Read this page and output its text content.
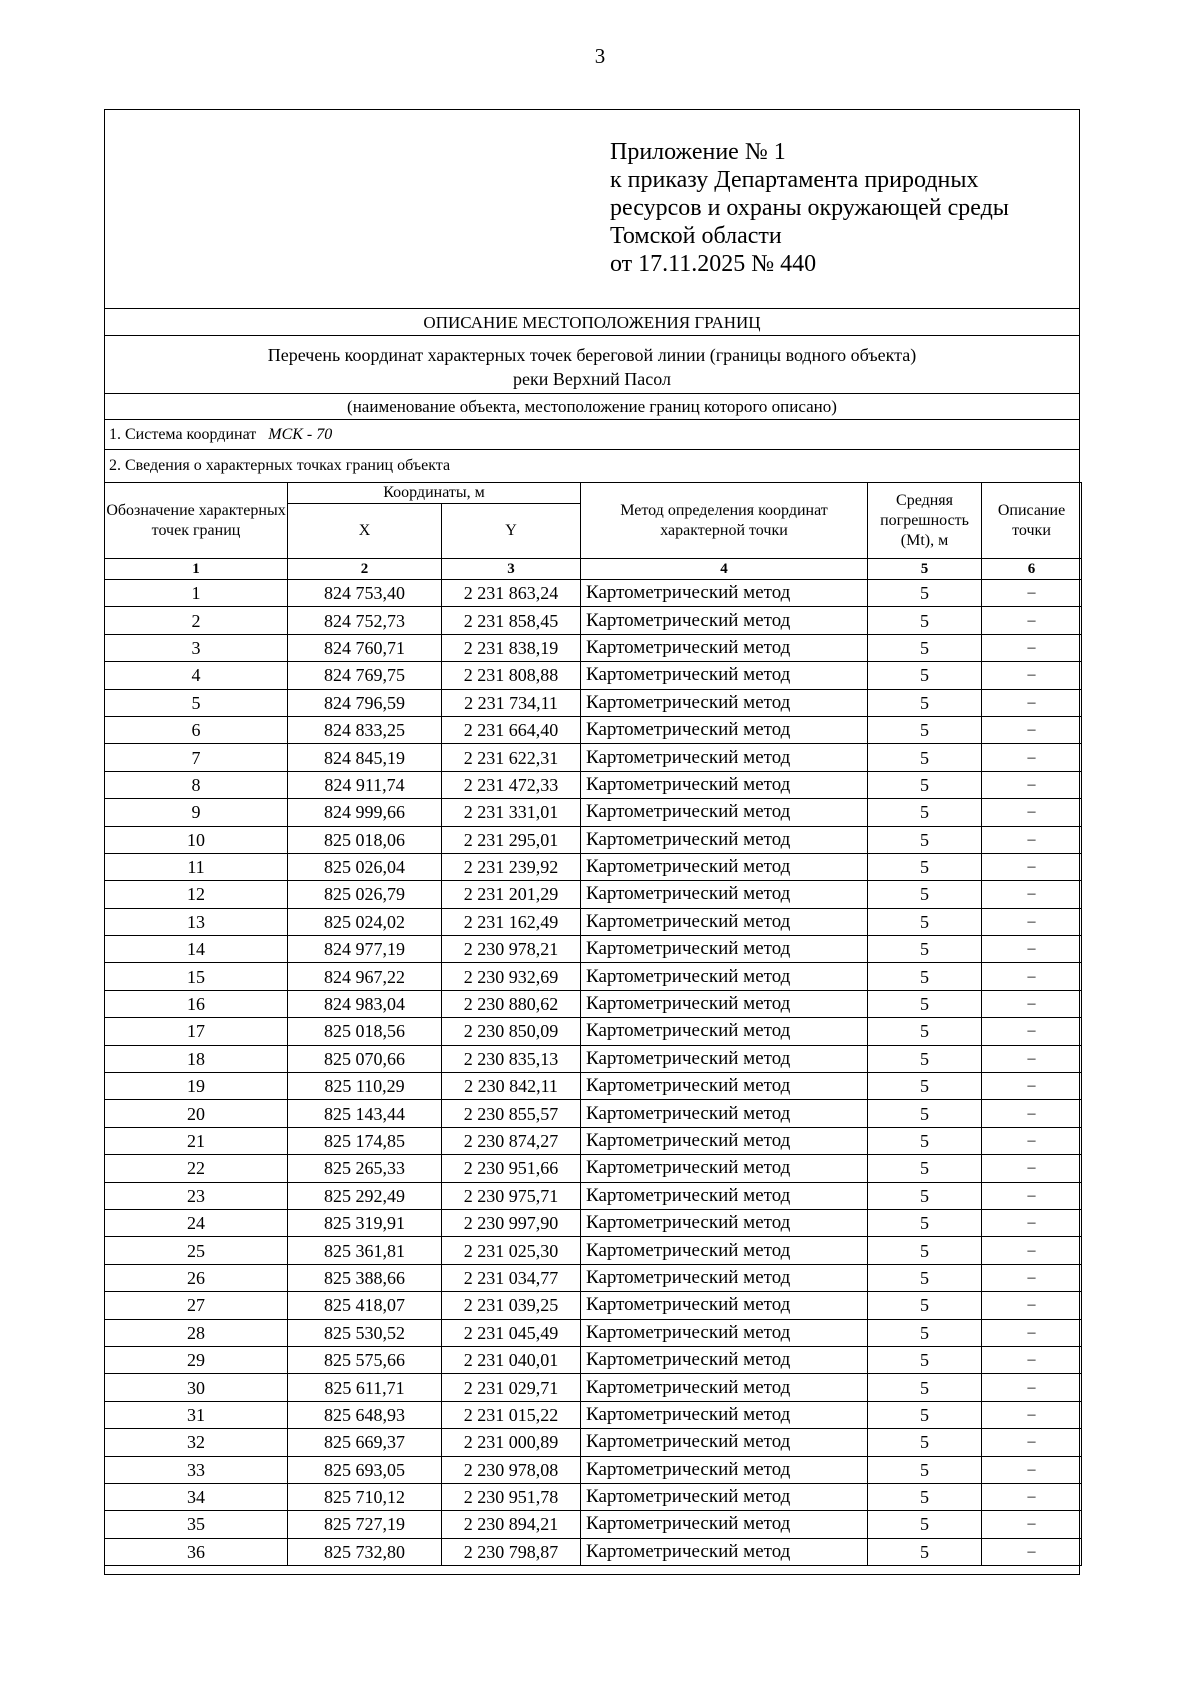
3
Приложение № 1
к приказу Департамента природных
ресурсов и охраны окружающей среды
Томской области
от 17.11.2025 № 440
ОПИСАНИЕ МЕСТОПОЛОЖЕНИЯ ГРАНИЦ
Перечень координат характерных точек береговой линии (границы водного объекта)
реки Верхний Пасол
(наименование объекта, местоположение границ которого описано)
1. Система координат МСК - 70
2. Сведения о характерных точках границ объекта
Обозначение характерных точек границ	Координаты, м		Метод определения координат характерной точки	Средняя погрешность (Mt), м	Описание точки
	X	Y			
1	2	3	4	5	6
1	824 753,40	2 231 863,24	Картометрический метод	5	–
2	824 752,73	2 231 858,45	Картометрический метод	5	–
3	824 760,71	2 231 838,19	Картометрический метод	5	–
4	824 769,75	2 231 808,88	Картометрический метод	5	–
5	824 796,59	2 231 734,11	Картометрический метод	5	–
6	824 833,25	2 231 664,40	Картометрический метод	5	–
7	824 845,19	2 231 622,31	Картометрический метод	5	–
8	824 911,74	2 231 472,33	Картометрический метод	5	–
9	824 999,66	2 231 331,01	Картометрический метод	5	–
10	825 018,06	2 231 295,01	Картометрический метод	5	–
11	825 026,04	2 231 239,92	Картометрический метод	5	–
12	825 026,79	2 231 201,29	Картометрический метод	5	–
13	825 024,02	2 231 162,49	Картометрический метод	5	–
14	824 977,19	2 230 978,21	Картометрический метод	5	–
15	824 967,22	2 230 932,69	Картометрический метод	5	–
16	824 983,04	2 230 880,62	Картометрический метод	5	–
17	825 018,56	2 230 850,09	Картометрический метод	5	–
18	825 070,66	2 230 835,13	Картометрический метод	5	–
19	825 110,29	2 230 842,11	Картометрический метод	5	–
20	825 143,44	2 230 855,57	Картометрический метод	5	–
21	825 174,85	2 230 874,27	Картометрический метод	5	–
22	825 265,33	2 230 951,66	Картометрический метод	5	–
23	825 292,49	2 230 975,71	Картометрический метод	5	–
24	825 319,91	2 230 997,90	Картометрический метод	5	–
25	825 361,81	2 231 025,30	Картометрический метод	5	–
26	825 388,66	2 231 034,77	Картометрический метод	5	–
27	825 418,07	2 231 039,25	Картометрический метод	5	–
28	825 530,52	2 231 045,49	Картометрический метод	5	–
29	825 575,66	2 231 040,01	Картометрический метод	5	–
30	825 611,71	2 231 029,71	Картометрический метод	5	–
31	825 648,93	2 231 015,22	Картометрический метод	5	–
32	825 669,37	2 231 000,89	Картометрический метод	5	–
33	825 693,05	2 230 978,08	Картометрический метод	5	–
34	825 710,12	2 230 951,78	Картометрический метод	5	–
35	825 727,19	2 230 894,21	Картометрический метод	5	–
36	825 732,80	2 230 798,87	Картометрический метод	5	–
